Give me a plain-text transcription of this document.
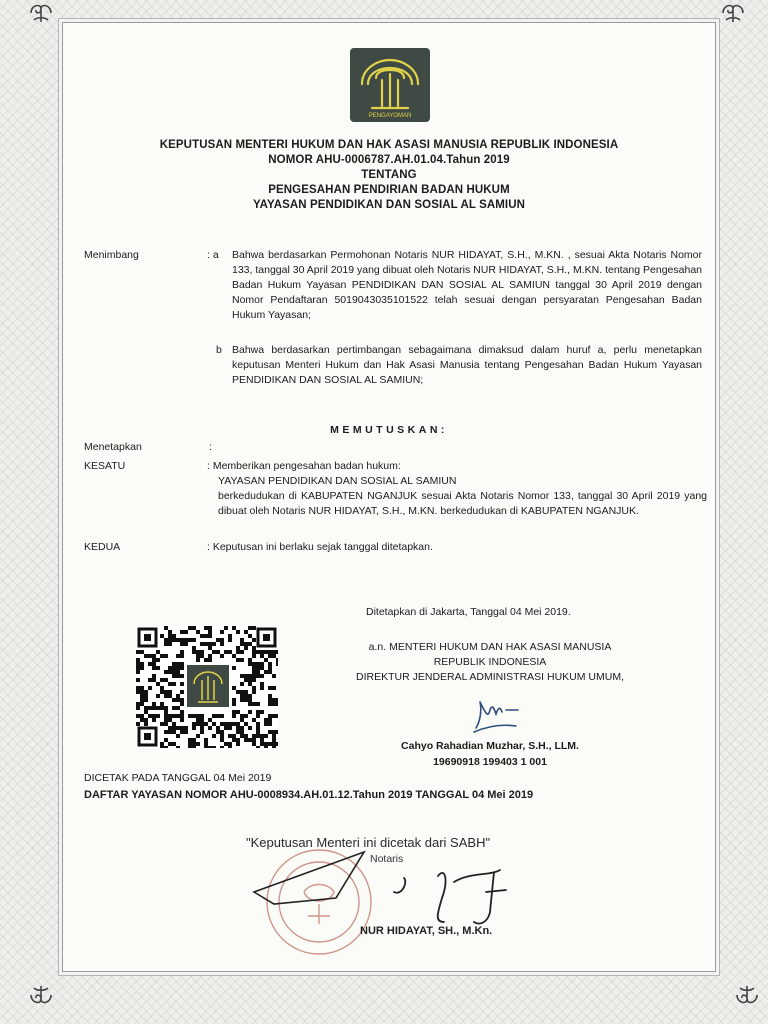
PENGAYOMAN
KEPUTUSAN MENTERI HUKUM DAN HAK ASASI MANUSIA REPUBLIK INDONESIA
NOMOR AHU-0006787.AH.01.04.Tahun 2019
TENTANG
PENGESAHAN PENDIRIAN BADAN HUKUM
YAYASAN PENDIDIKAN DAN SOSIAL AL SAMIUN
Menimbang	: a Bahwa berdasarkan Permohonan Notaris NUR HIDAYAT, S.H., M.KN. , sesuai Akta Notaris Nomor 133, tanggal 30 April 2019 yang dibuat oleh Notaris NUR HIDAYAT, S.H., M.KN. tentang Pengesahan Badan Hukum Yayasan PENDIDIKAN DAN SOSIAL AL SAMIUN tanggal 30 April 2019 dengan Nomor Pendaftaran 5019043035101522 telah sesuai dengan persyaratan Pengesahan Badan Hukum Yayasan;
b Bahwa berdasarkan pertimbangan sebagaimana dimaksud dalam huruf a, perlu menetapkan keputusan Menteri Hukum dan Hak Asasi Manusia tentang Pengesahan Badan Hukum Yayasan PENDIDIKAN DAN SOSIAL AL SAMIUN;
MEMUTUSKAN:
Menetapkan	:
KESATU	: Memberikan pengesahan badan hukum:
YAYASAN PENDIDIKAN DAN SOSIAL AL SAMIUN
berkedudukan di KABUPATEN NGANJUK sesuai Akta Notaris Nomor 133, tanggal 30 April 2019 yang dibuat oleh Notaris NUR HIDAYAT, S.H., M.KN. berkedudukan di KABUPATEN NGANJUK.
KEDUA	: Keputusan ini berlaku sejak tanggal ditetapkan.
Ditetapkan di Jakarta, Tanggal 04 Mei 2019.
a.n. MENTERI HUKUM DAN HAK ASASI MANUSIA
REPUBLIK INDONESIA
DIREKTUR JENDERAL ADMINISTRASI HUKUM UMUM,
Cahyo Rahadian Muzhar, S.H., LLM.
19690918 199403 1 001
DICETAK PADA TANGGAL 04 Mei 2019
DAFTAR YAYASAN NOMOR AHU-0008934.AH.01.12.Tahun 2019 TANGGAL 04 Mei 2019
"Keputusan Menteri ini dicetak dari SABH"
Notaris
NUR HIDAYAT, SH., M.Kn.
